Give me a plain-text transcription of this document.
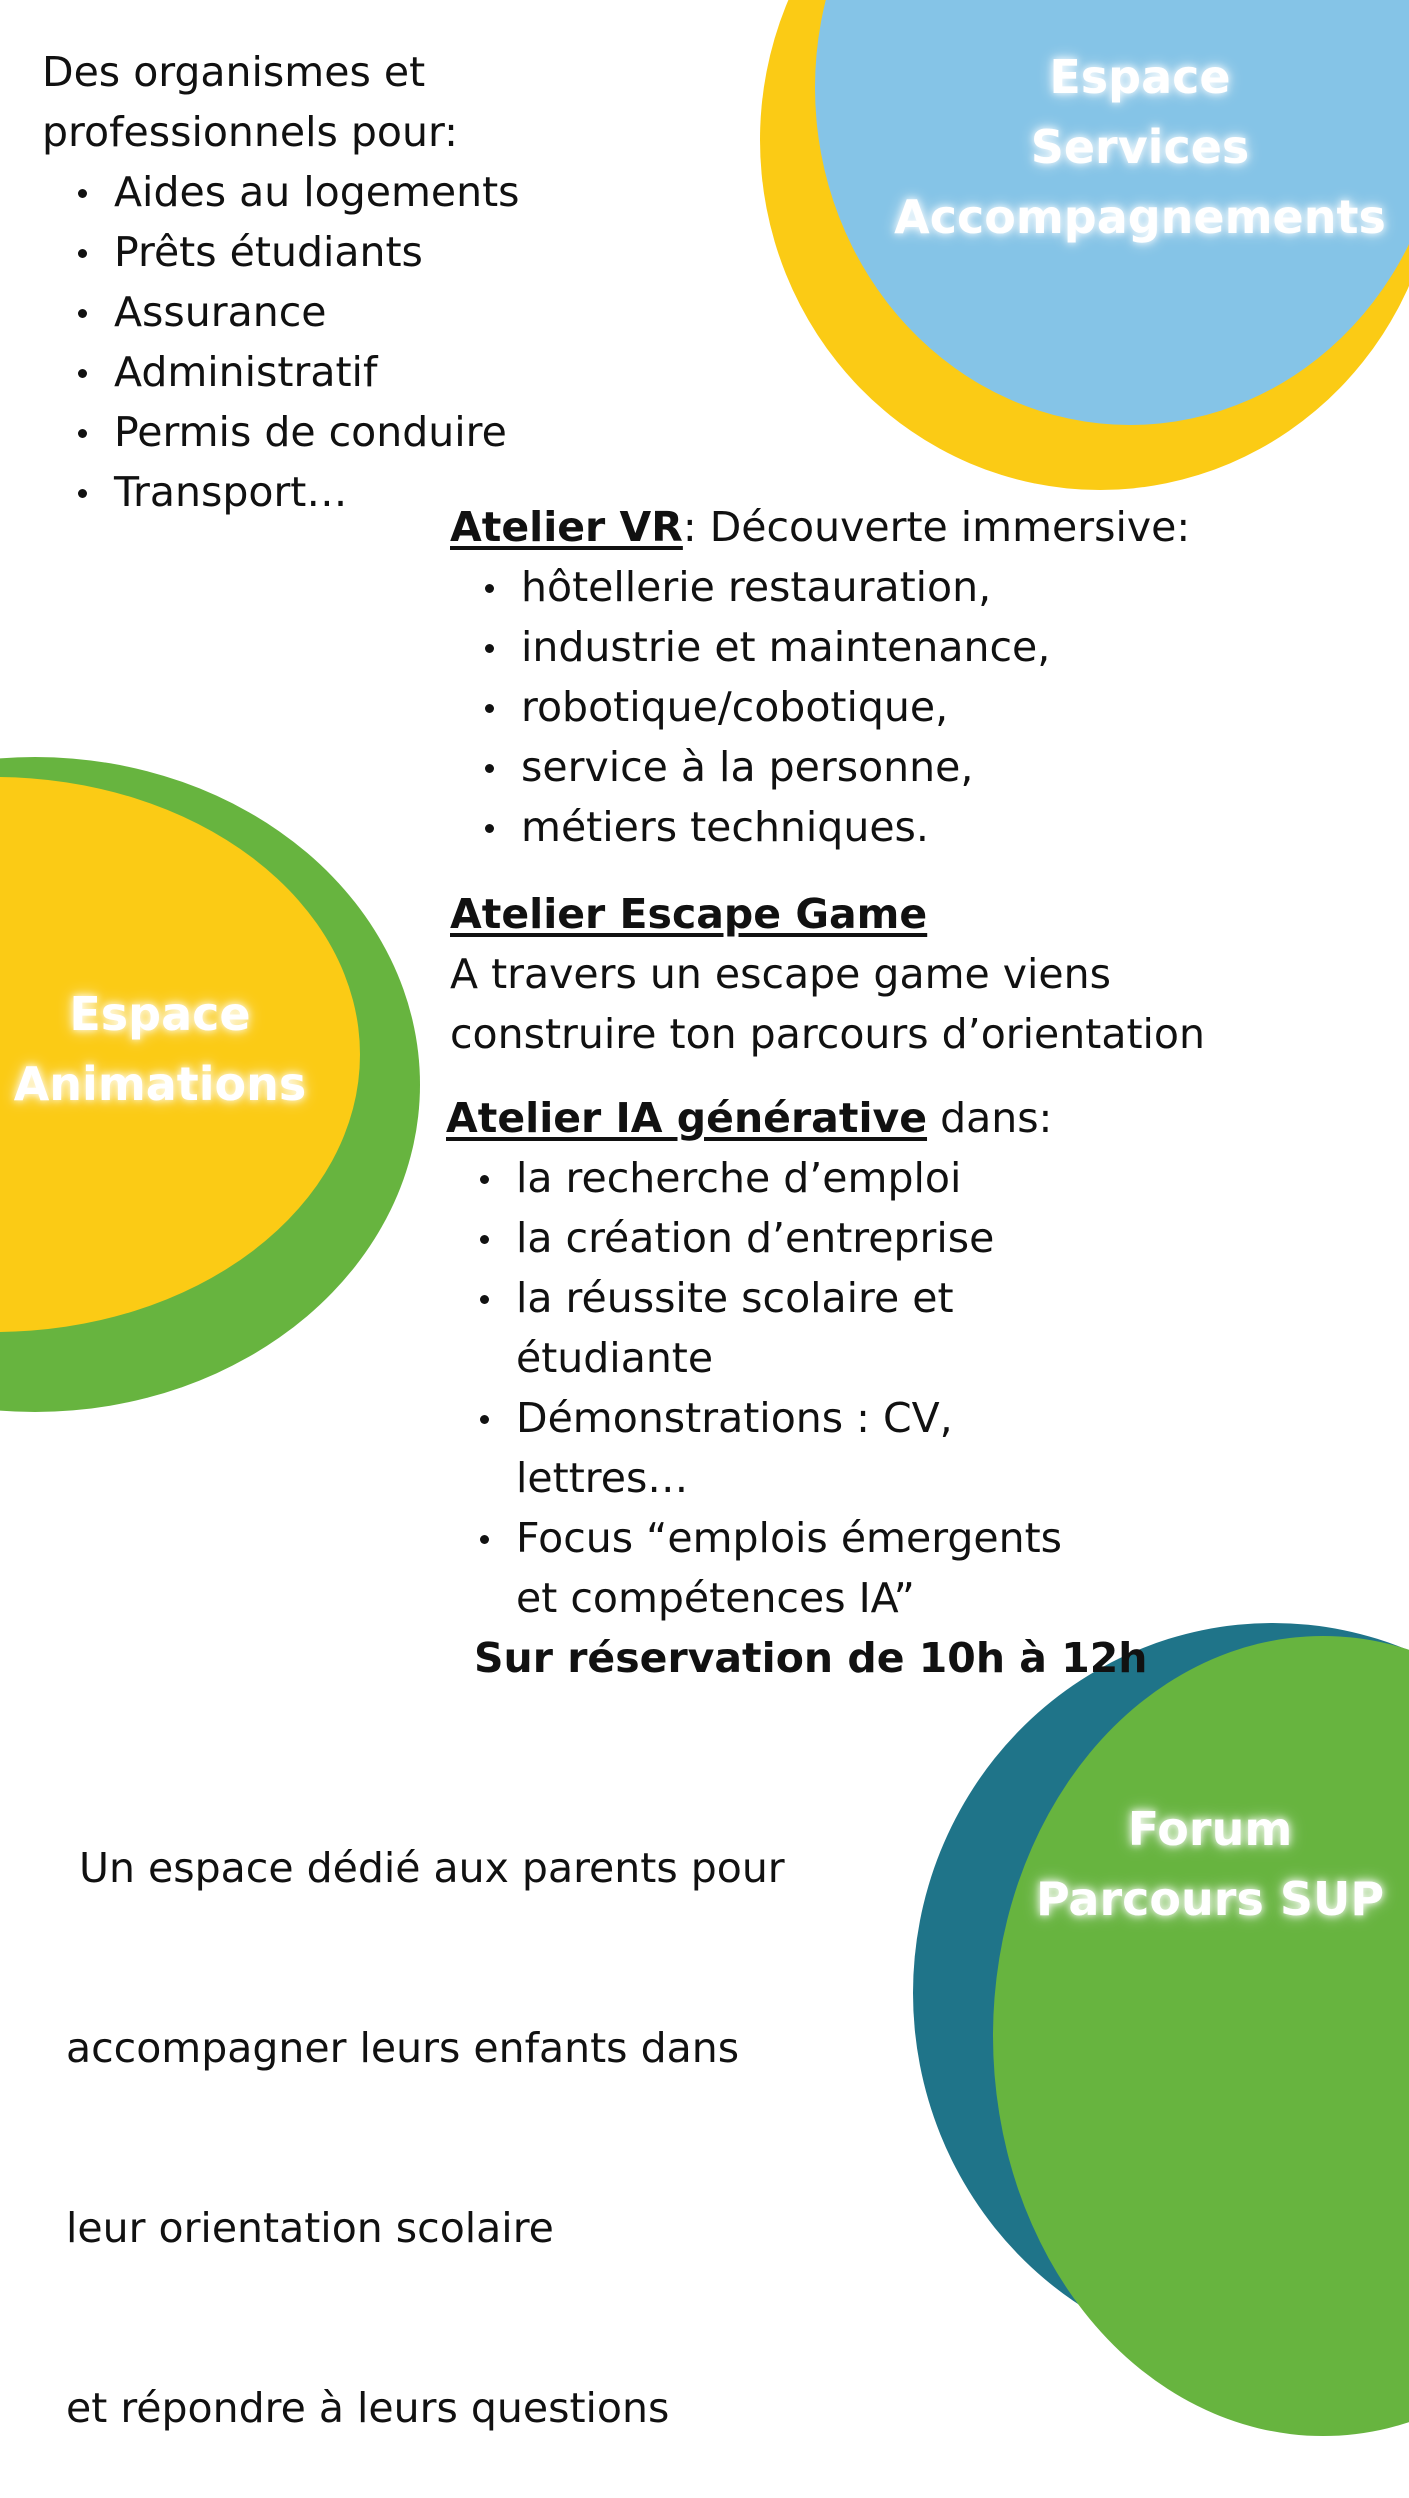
Espace
Services
Accompagnements
Espace
Animations
Forum
Parcours SUP

Des organismes et

professionnels pour:

Aides au logements
Prêts étudiants
Assurance
Administratif
Permis de conduire
Transport…

Atelier VR: Découverte immersive:

hôtellerie restauration,
industrie et maintenance,
robotique/cobotique,
service à la personne,
métiers techniques.

Atelier Escape Game

A travers un escape game viens

construire ton parcours d’orientation

Atelier IA générative dans:

la recherche d’emploi
la création d’entreprise
la réussite scolaire et étudiante
Démonstrations : CV, lettres…
Focus “emplois émergents et compétences IA”

Sur réservation de 10h à 12h

Un espace dédié aux parents pour

accompagner leurs enfants dans

leur orientation scolaire

et répondre à leurs questions
